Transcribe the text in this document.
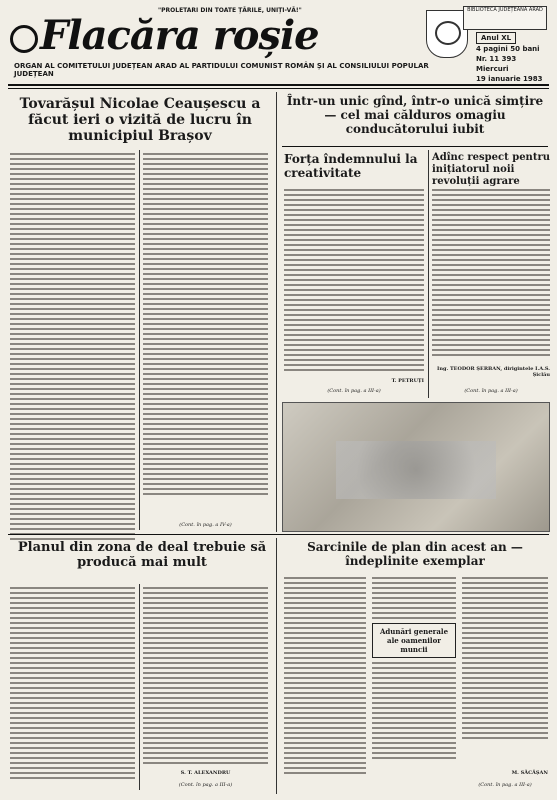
"PROLETARI DIN TOATE ȚĂRILE, UNIȚI-VĂ!"
Flacăra roșie
ORGAN AL COMITETULUI JUDEȚEAN ARAD AL PARTIDULUI COMUNIST ROMÂN ȘI AL CONSILIULUI POPULAR JUDEȚEAN
BIBLIOTECA JUDEȚEANĂ ARAD
Anul XL
4 pagini 50 bani
Nr. 11 393
Miercuri
19 ianuarie 1983
Tovarășul Nicolae Ceaușescu a făcut ieri o vizită de lucru în municipiul Brașov
(Cont. în pag. a IV-a)
Într-un unic gînd, într-o unică simțire — cel mai călduros omagiu conducătorului iubit
Forța îndemnului la creativitate
T. PETRUȚI
(Cont. în pag. a III-a)
Adînc respect pentru inițiatorul noii revoluții agrare
Ing. TEODOR ȘERBAN, dirigintele I.A.S. Șiclău
(Cont. în pag. a III-a)
Planul din zona de deal trebuie să producă mai mult
S. T. ALEXANDRU
(Cont. în pag. a III-a)
Sarcinile de plan din acest an — îndeplinite exemplar
Adunări generale ale oamenilor muncii
M. SĂCĂȘAN
(Cont. în pag. a III-a)
